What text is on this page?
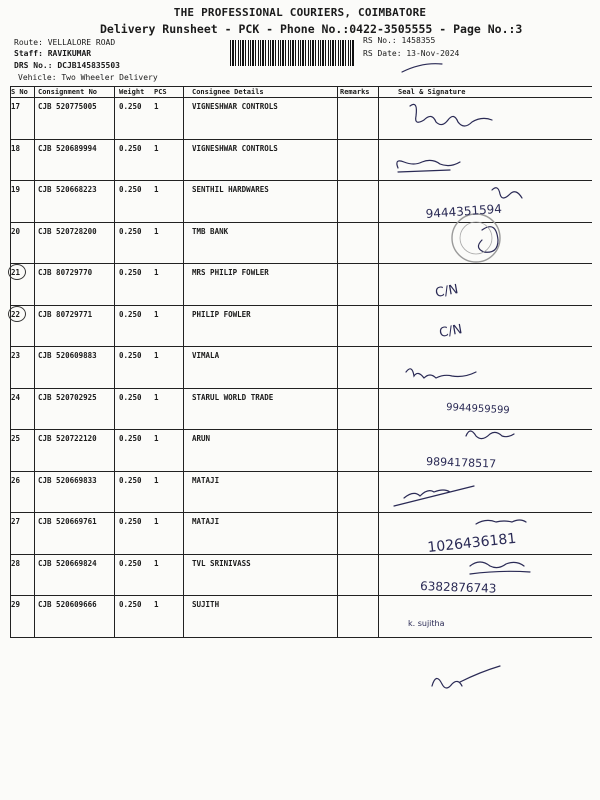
THE PROFESSIONAL COURIERS, COIMBATORE
Delivery Runsheet - PCK - Phone No.:0422-3505555 - Page No.:3
Route: VELLALORE ROAD
Staff: RAVIKUMAR
DRS No.: DCJB145835503
Vehicle: Two Wheeler Delivery
RS No.: 1458355
RS Date: 13-Nov-2024
S No Consignment No	Weight PCS	Consignee Details	Remarks	Seal & Signature
17 CJB 520775005	0.250 1	VIGNESHWAR CONTROLS
18 CJB 520689994	0.250 1	VIGNESHWAR CONTROLS
19 CJB 520668223	0.250 1	SENTHIL HARDWARES
20 CJB 520728200	0.250 1	TMB BANK
21 CJB 80729770	0.250 1	MRS PHILIP FOWLER
22 CJB 80729771	0.250 1	PHILIP FOWLER
23 CJB 520609883	0.250 1	VIMALA
24 CJB 520702925	0.250 1	STARUL WORLD TRADE
25 CJB 520722120	0.250 1	ARUN
26 CJB 520669833	0.250 1	MATAJI
27 CJB 520669761	0.250 1	MATAJI
28 CJB 520669824	0.250 1	TVL SRINIVASS
29 CJB 520609666	0.250 1	SUJITH
9444351594
C/N
C/N
9944959599
9894178517
1026436181
6382876743
k. sujitha
